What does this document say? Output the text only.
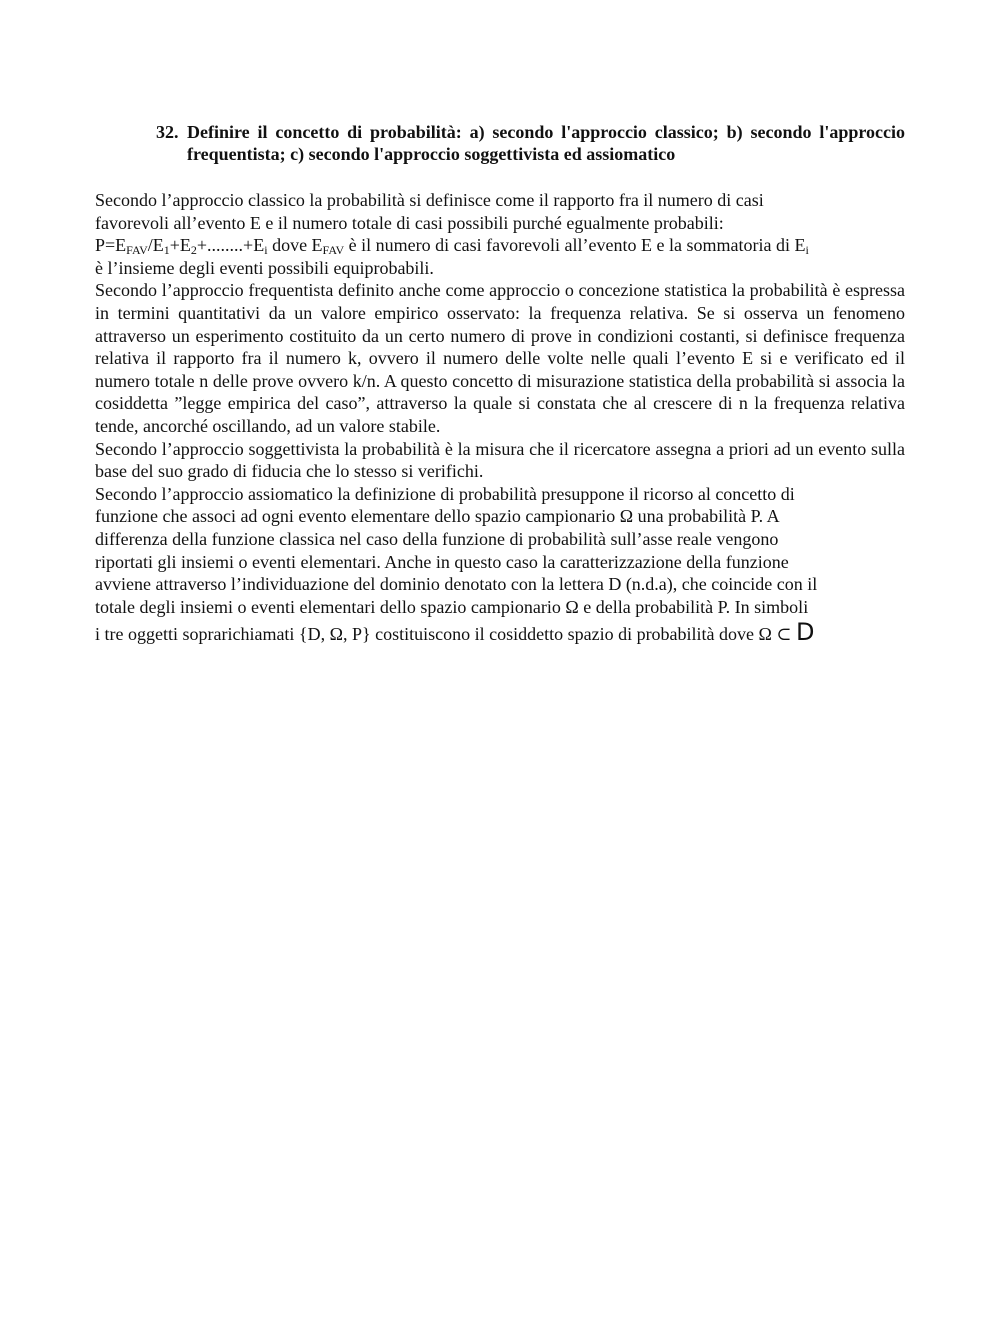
32. Definire il concetto di probabilità: a) secondo l'approccio classico; b) secondo l'approccio frequentista; c) secondo l'approccio soggettivista ed assiomatico
Secondo l’approccio classico la probabilità si definisce come il rapporto fra il numero di casi
favorevoli all’evento E e il numero totale di casi possibili purché egualmente probabili:
$P=E_{FAV}/E_1+E_2+........+E_i$ dove $E_{FAV}$ è il numero di casi favorevoli all’evento E e la sommatoria di $E_i$
è l’insieme degli eventi possibili equiprobabili.

Secondo l’approccio frequentista definito anche come approccio o concezione statistica la probabilità è espressa in termini quantitativi da un valore empirico osservato: la frequenza relativa. Se si osserva un fenomeno attraverso un esperimento costituito da un certo numero di prove in condizioni costanti, si definisce frequenza relativa il rapporto fra il numero k, ovvero il numero delle volte nelle quali l’evento E si e verificato ed il numero totale n delle prove ovvero k/n. A questo concetto di misurazione statistica della probabilità si associa la cosiddetta ”legge empirica del caso”, attraverso la quale si constata che al crescere di n la frequenza relativa tende, ancorché oscillando, ad un valore stabile.

Secondo l’approccio soggettivista la probabilità è la misura che il ricercatore assegna a priori ad un evento sulla base del suo grado di fiducia che lo stesso si verifichi.

Secondo l’approccio assiomatico la definizione di probabilità presuppone il ricorso al concetto di
funzione che associ ad ogni evento elementare dello spazio campionario Ω una probabilità P. A
differenza della funzione classica nel caso della funzione di probabilità sull’asse reale vengono
riportati gli insiemi o eventi elementari. Anche in questo caso la caratterizzazione della funzione
avviene attraverso l’individuazione del dominio denotato con la lettera D (n.d.a), che coincide con il
totale degli insiemi o eventi elementari dello spazio campionario Ω e della probabilità P. In simboli
i tre oggetti soprarichiamati {D, Ω, P} costituiscono il cosiddetto spazio di probabilità dove Ω ⊂ D
